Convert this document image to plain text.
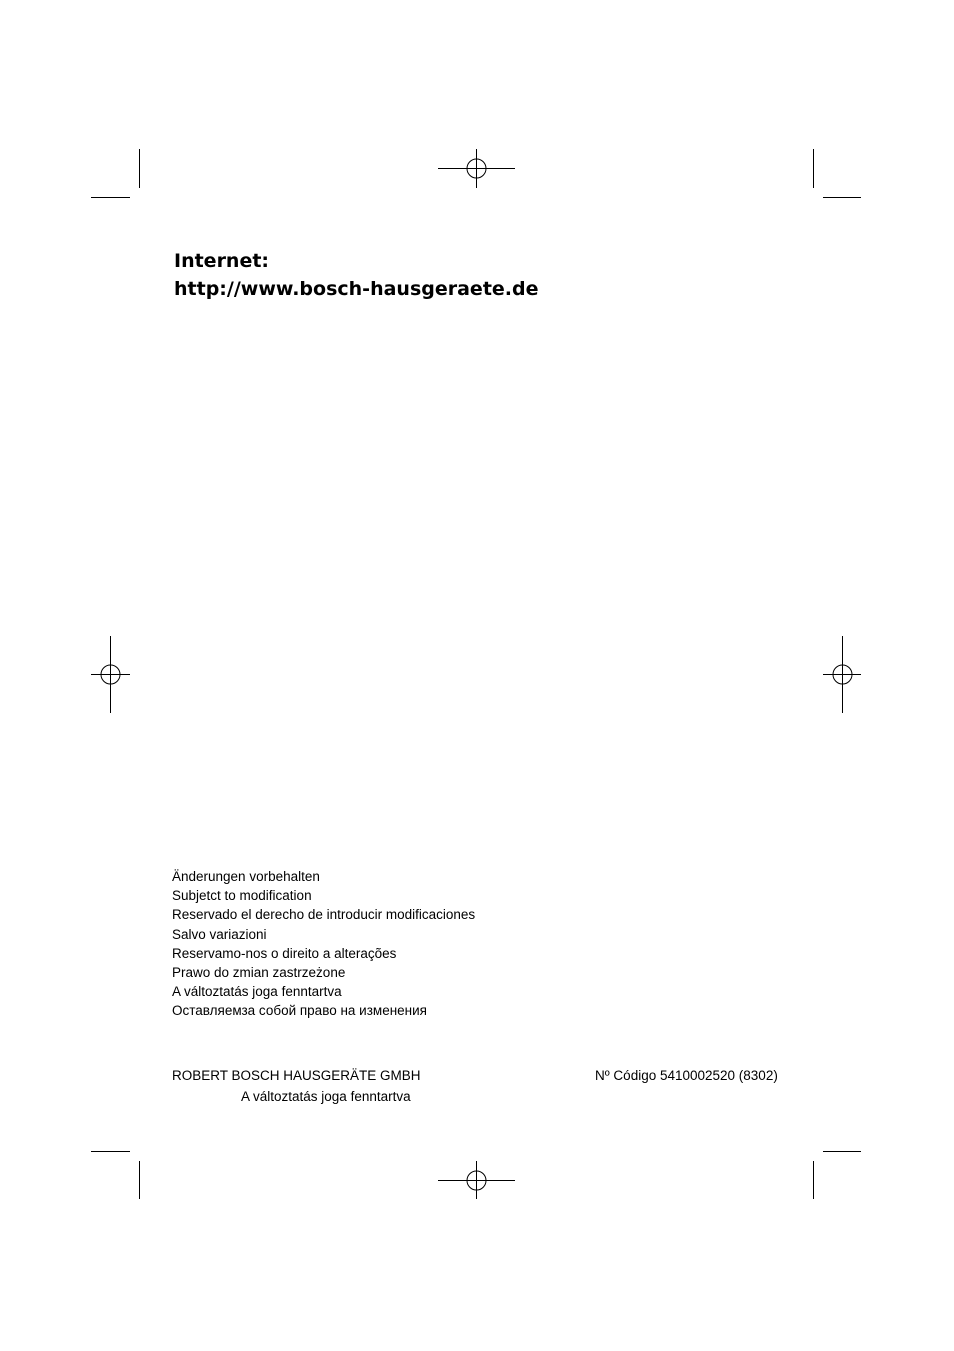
Internet:
http://www.bosch-hausgeraete.de
Änderungen vorbehalten
Subjetct to modification
Reservado el derecho de introducir modificaciones
Salvo variazioni
Reservamo-nos o direito a alterações
Prawo do zmian zastrzeżone
A változtatás joga fenntartva
Оставляемза собой право на изменения
ROBERT BOSCH HAUSGERÄTE GMBH	Nº Código 5410002520 (8302)
A változtatás joga fenntartva
